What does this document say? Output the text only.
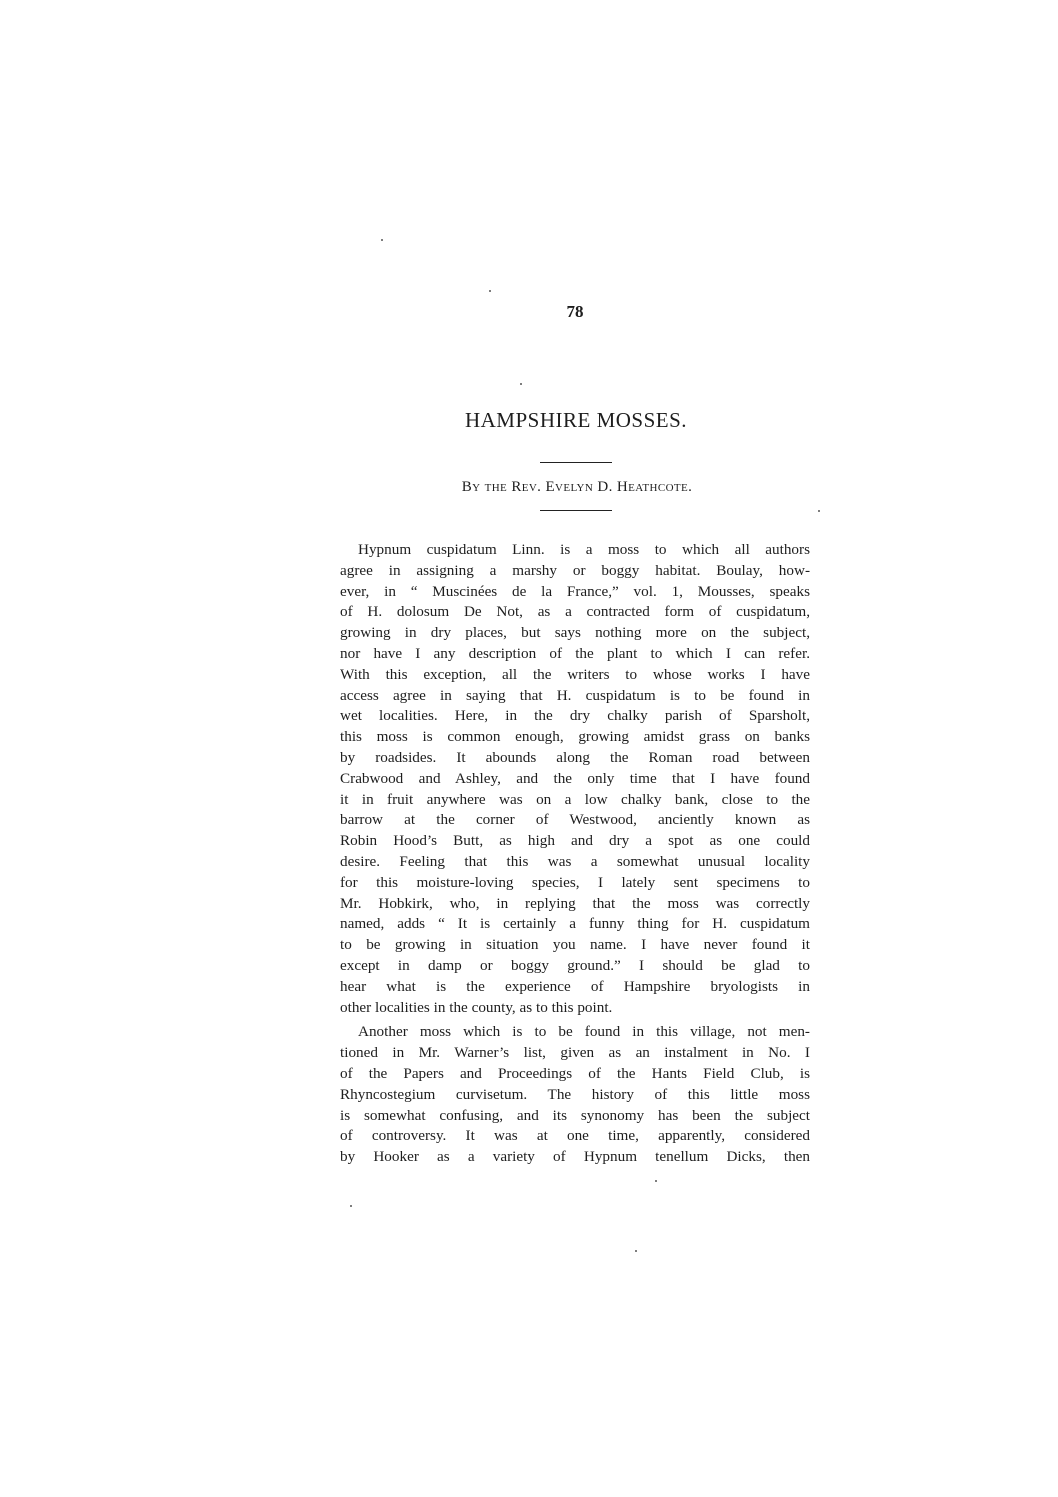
78
HAMPSHIRE MOSSES.
By the Rev. Evelyn D. Heathcote.
Hypnum cuspidatum Linn. is a moss to which all authors
agree in assigning a marshy or boggy habitat. Boulay, how-
ever, in “ Muscinées de la France,” vol. 1, Mousses, speaks
of H. dolosum De Not, as a contracted form of cuspidatum,
growing in dry places, but says nothing more on the subject,
nor have I any description of the plant to which I can refer.
With this exception, all the writers to whose works I have
access agree in saying that H. cuspidatum is to be found in
wet localities. Here, in the dry chalky parish of Sparsholt,
this moss is common enough, growing amidst grass on banks
by roadsides. It abounds along the Roman road between
Crabwood and Ashley, and the only time that I have found
it in fruit anywhere was on a low chalky bank, close to the
barrow at the corner of Westwood, anciently known as
Robin Hood’s Butt, as high and dry a spot as one could
desire. Feeling that this was a somewhat unusual locality
for this moisture-loving species, I lately sent specimens to
Mr. Hobkirk, who, in replying that the moss was correctly
named, adds “ It is certainly a funny thing for H. cuspidatum
to be growing in situation you name. I have never found it
except in damp or boggy ground.” I should be glad to
hear what is the experience of Hampshire bryologists in
other localities in the county, as to this point.
Another moss which is to be found in this village, not men-
tioned in Mr. Warner’s list, given as an instalment in No. I
of the Papers and Proceedings of the Hants Field Club, is
Rhyncostegium curvisetum. The history of this little moss
is somewhat confusing, and its synonomy has been the subject
of controversy. It was at one time, apparently, considered
by Hooker as a variety of Hypnum tenellum Dicks, then
